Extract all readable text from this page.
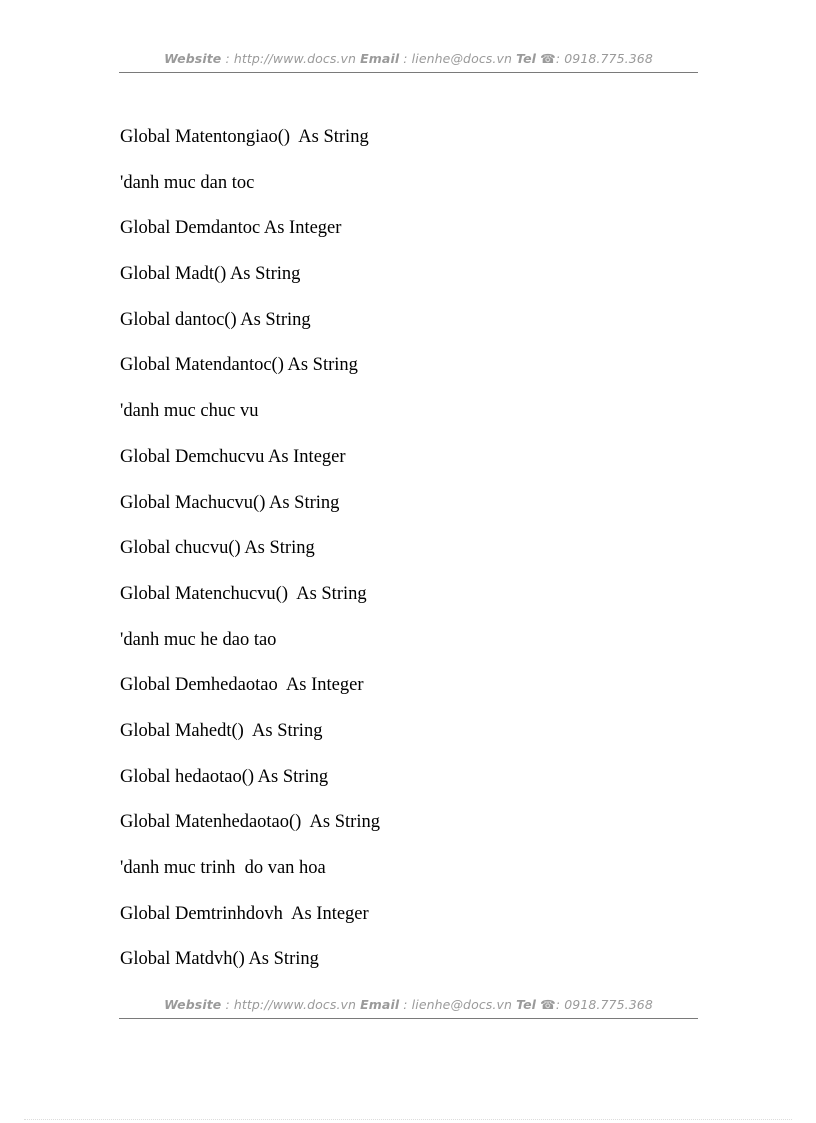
Website : http://www.docs.vn Email : lienhe@docs.vn Tel ☎: 0918.775.368
Global Matentongiao()  As String
'danh muc dan toc
Global Demdantoc As Integer
Global Madt() As String
Global dantoc() As String
Global Matendantoc() As String
'danh muc chuc vu
Global Demchucvu As Integer
Global Machucvu() As String
Global chucvu() As String
Global Matenchucvu()  As String
'danh muc he dao tao
Global Demhedaotao  As Integer
Global Mahedt()  As String
Global hedaotao() As String
Global Matenhedaotao()  As String
'danh muc trinh  do van hoa
Global Demtrinhdovh  As Integer
Global Matdvh() As String
Website : http://www.docs.vn Email : lienhe@docs.vn Tel ☎: 0918.775.368
